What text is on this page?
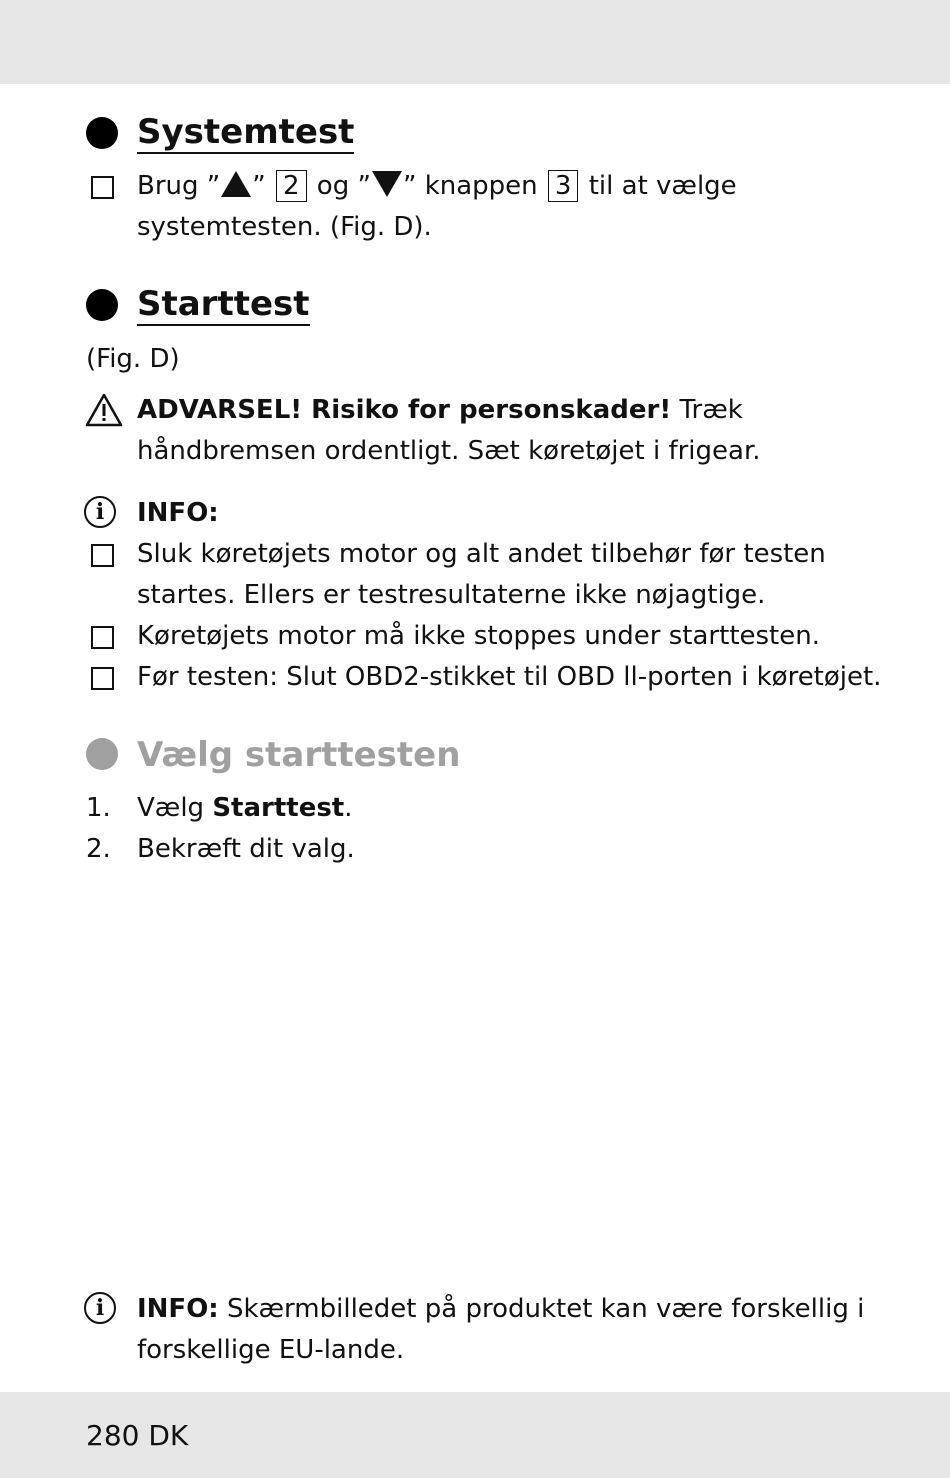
Systemtest
Brug ” ” 2 og ” ” knappen 3 til at vælge
systemtesten. (Fig. D).
Starttest
(Fig. D)
ADVARSEL! Risiko for personskader! Træk
håndbremsen ordentligt. Sæt køretøjet i frigear.
i	INFO:
Sluk køretøjets motor og alt andet tilbehør før testen
startes. Ellers er testresultaterne ikke nøjagtige.
Køretøjets motor må ikke stoppes under starttesten.
Før testen: Slut OBD2-stikket til OBD ll-porten i køretøjet.
Vælg starttesten
1. Vælg Starttest.
2. Bekræft dit valg.
i	INFO: Skærmbilledet på produktet kan være forskellig i
forskellige EU-lande.
280 DK
